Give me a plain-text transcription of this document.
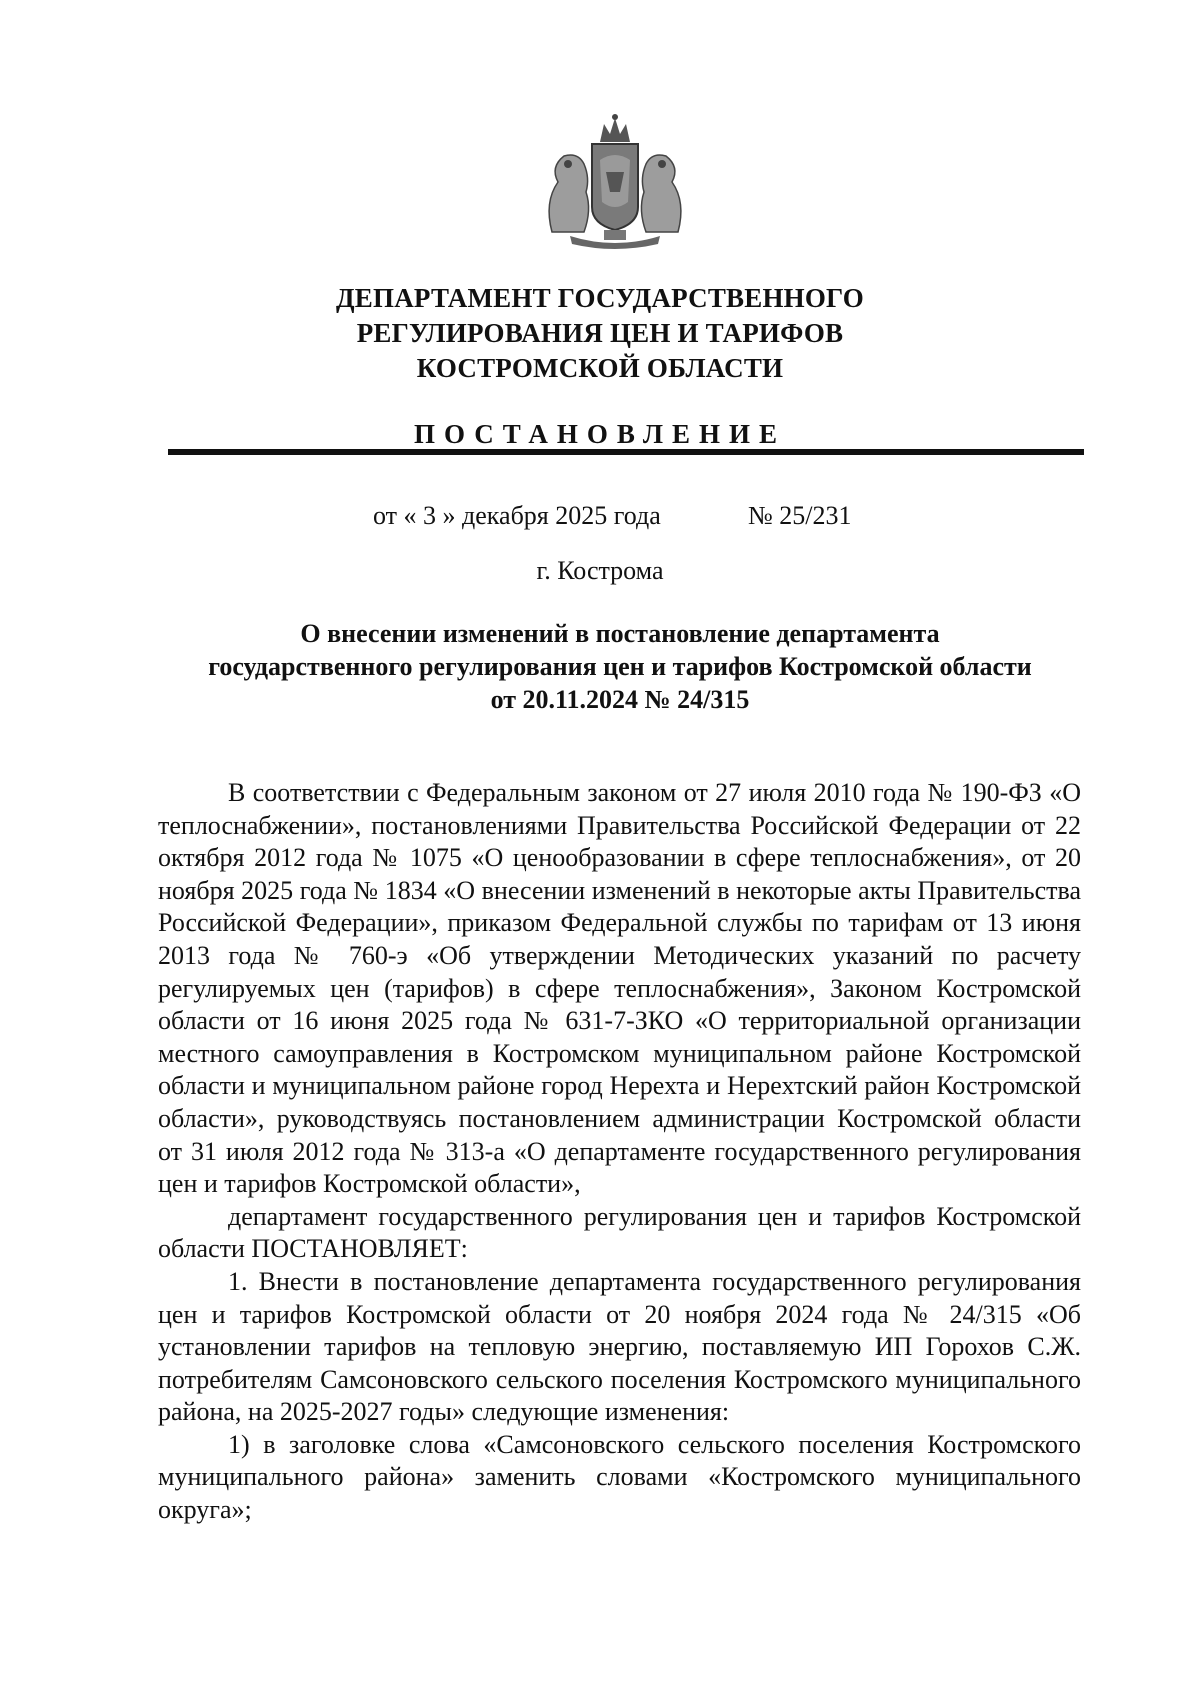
ДЕПАРТАМЕНТ ГОСУДАРСТВЕННОГО
РЕГУЛИРОВАНИЯ ЦЕН И ТАРИФОВ
КОСТРОМСКОЙ ОБЛАСТИ
ПОСТАНОВЛЕНИЕ
от « 3 » декабря 2025 года	№ 25/231
г. Кострома
О внесении изменений в постановление департамента
государственного регулирования цен и тарифов Костромской области
от 20.11.2024 № 24/315

В соответствии с Федеральным законом от 27 июля 2010 года № 190-ФЗ «О теплоснабжении», постановлениями Правительства Российской Федерации от 22 октября 2012 года № 1075 «О ценообразовании в сфере теплоснабжения», от 20 ноября 2025 года № 1834 «О внесении изменений в некоторые акты Правительства Российской Федерации», приказом Федеральной службы по тарифам от 13 июня 2013 года № 760-э «Об утверждении Методических указаний по расчету регулируемых цен (тарифов) в сфере теплоснабжения», Законом Костромской области от 16 июня 2025 года № 631-7-ЗКО «О территориальной организации местного самоуправления в Костромском муниципальном районе Костромской области и муниципальном районе город Нерехта и Нерехтский район Костромской области», руководствуясь постановлением администрации Костромской области от 31 июля 2012 года № 313-а «О департаменте государственного регулирования цен и тарифов Костромской области»,

департамент государственного регулирования цен и тарифов Костромской области ПОСТАНОВЛЯЕТ:

1. Внести в постановление департамента государственного регулирования цен и тарифов Костромской области от 20 ноября 2024 года № 24/315 «Об установлении тарифов на тепловую энергию, поставляемую ИП Горохов С.Ж. потребителям Самсоновского сельского поселения Костромского муниципального района, на 2025-2027 годы» следующие изменения:

1) в заголовке слова «Самсоновского сельского поселения Костромского муниципального района» заменить словами «Костромского муниципального округа»;
